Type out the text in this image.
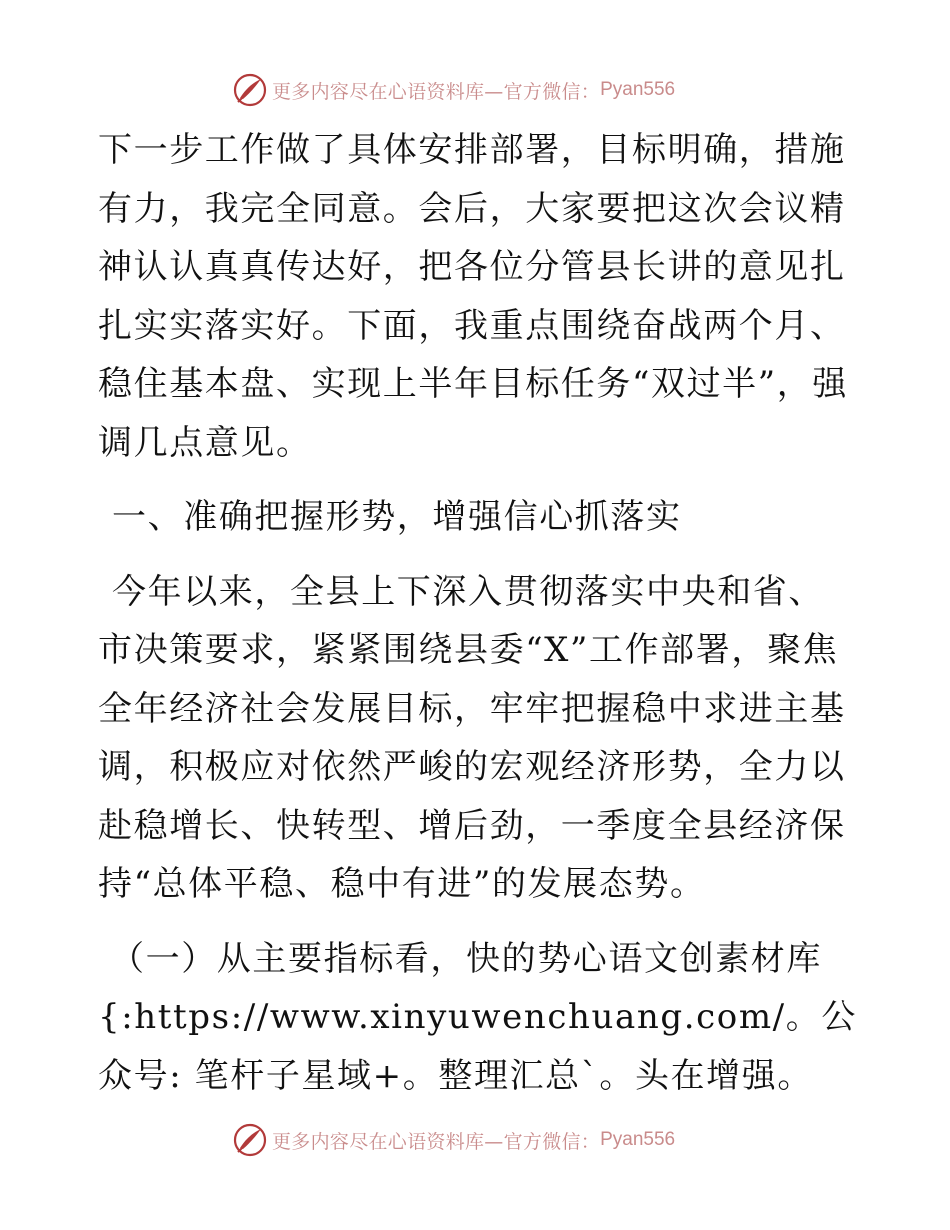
更多内容尽在心语资料库—官方微信： Pyan556

下一步工作做了具体安排部署，目标明确，措施有力，我完全同意。会后，大家要把这次会议精神认认真真传达好，把各位分管县长讲的意见扎扎实实落实好。下面，我重点围绕奋战两个月、稳住基本盘、实现上半年目标任务“双过半”，强调几点意见。

一、准确把握形势，增强信心抓落实

今年以来，全县上下深入贯彻落实中央和省、市决策要求，紧紧围绕县委“X”工作部署，聚焦全年经济社会发展目标，牢牢把握稳中求进主基调，积极应对依然严峻的宏观经济形势，全力以赴稳增长、快转型、增后劲，一季度全县经济保持“总体平稳、稳中有进”的发展态势。

（一）从主要指标看，快的势心语文创素材库{:https://www.xinyuwenchuang.com/。公众号: 笔杆子星域+。整理汇总`。头在增强。

更多内容尽在心语资料库—官方微信： Pyan556
